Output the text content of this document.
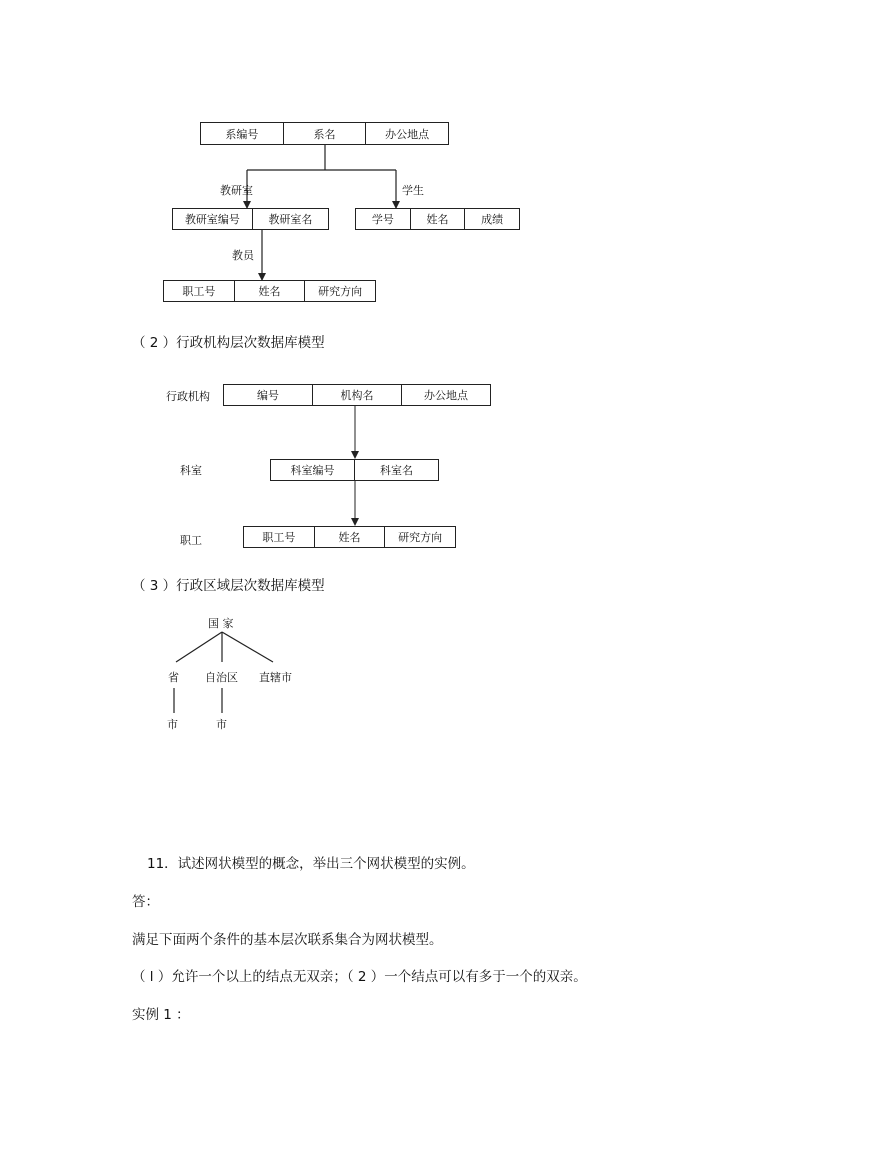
系编号	系名	办公地点
教研室	学生
教研室编号	教研室名	学号	姓名	成绩
教员
职工号	姓名	研究方向
（ 2 ）行政机构层次数据库模型
行政机构	编号	机构名	办公地点
科室	科室编号	科室名
职工	职工号	姓名	研究方向
（ 3 ）行政区域层次数据库模型
国 家
省 自治区 直辖市
市	市
11．试述网状模型的概念，举出三个网状模型的实例。
答：
满足下面两个条件的基本层次联系集合为网状模型。
（ l ）允许一个以上的结点无双亲；（ 2 ）一个结点可以有多于一个的双亲。
实例 1 ：
